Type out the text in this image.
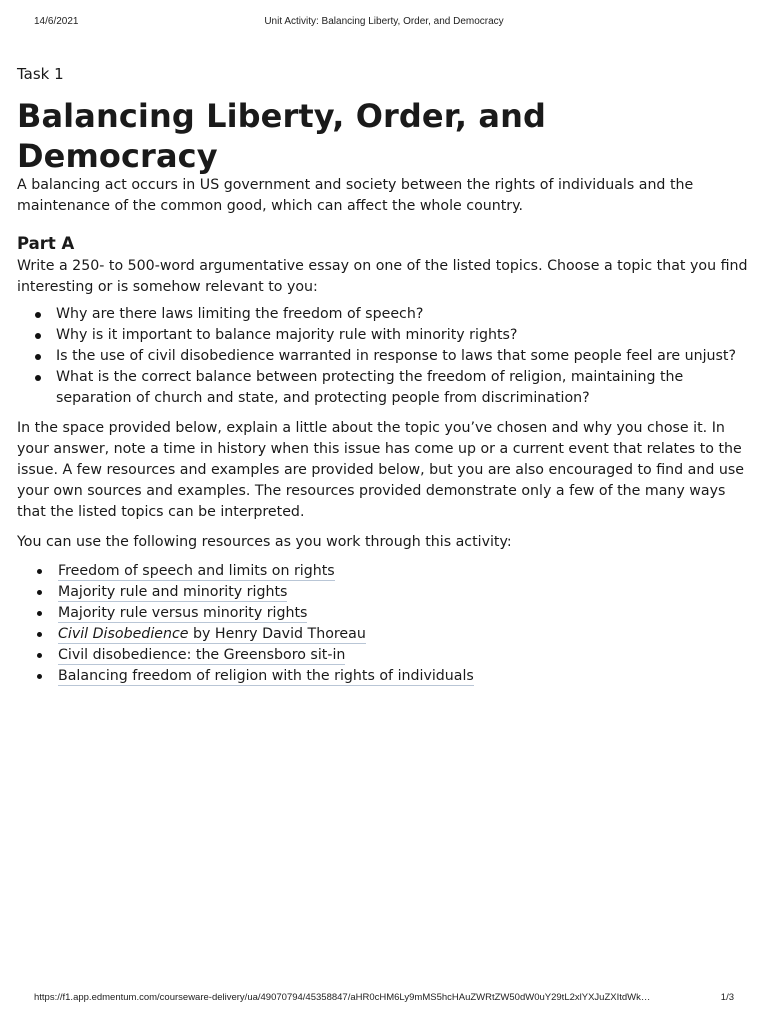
14/6/2021	Unit Activity: Balancing Liberty, Order, and Democracy
Task 1
Balancing Liberty, Order, and Democracy

A balancing act occurs in US government and society between the rights of individuals and the maintenance of the common good, which can affect the whole country.

Part A

Write a 250- to 500-word argumentative essay on one of the listed topics. Choose a topic that you find interesting or is somehow relevant to you:

Why are there laws limiting the freedom of speech?
Why is it important to balance majority rule with minority rights?
Is the use of civil disobedience warranted in response to laws that some people feel are unjust?
What is the correct balance between protecting the freedom of religion, maintaining the separation of church and state, and protecting people from discrimination?

In the space provided below, explain a little about the topic you’ve chosen and why you chose it. In your answer, note a time in history when this issue has come up or a current event that relates to the issue. A few resources and examples are provided below, but you are also encouraged to find and use your own sources and examples. The resources provided demonstrate only a few of the many ways that the listed topics can be interpreted.

You can use the following resources as you work through this activity:

Freedom of speech and limits on rights
Majority rule and minority rights
Majority rule versus minority rights
Civil Disobedience by Henry David Thoreau
Civil disobedience: the Greensboro sit-in
Balancing freedom of religion with the rights of individuals
https://f1.app.edmentum.com/courseware-delivery/ua/49070794/45358847/aHR0cHM6Ly9mMS5hcHAuZWRtZW50dW0uY29tL2xlYXJuZXItdWk…	1/3
